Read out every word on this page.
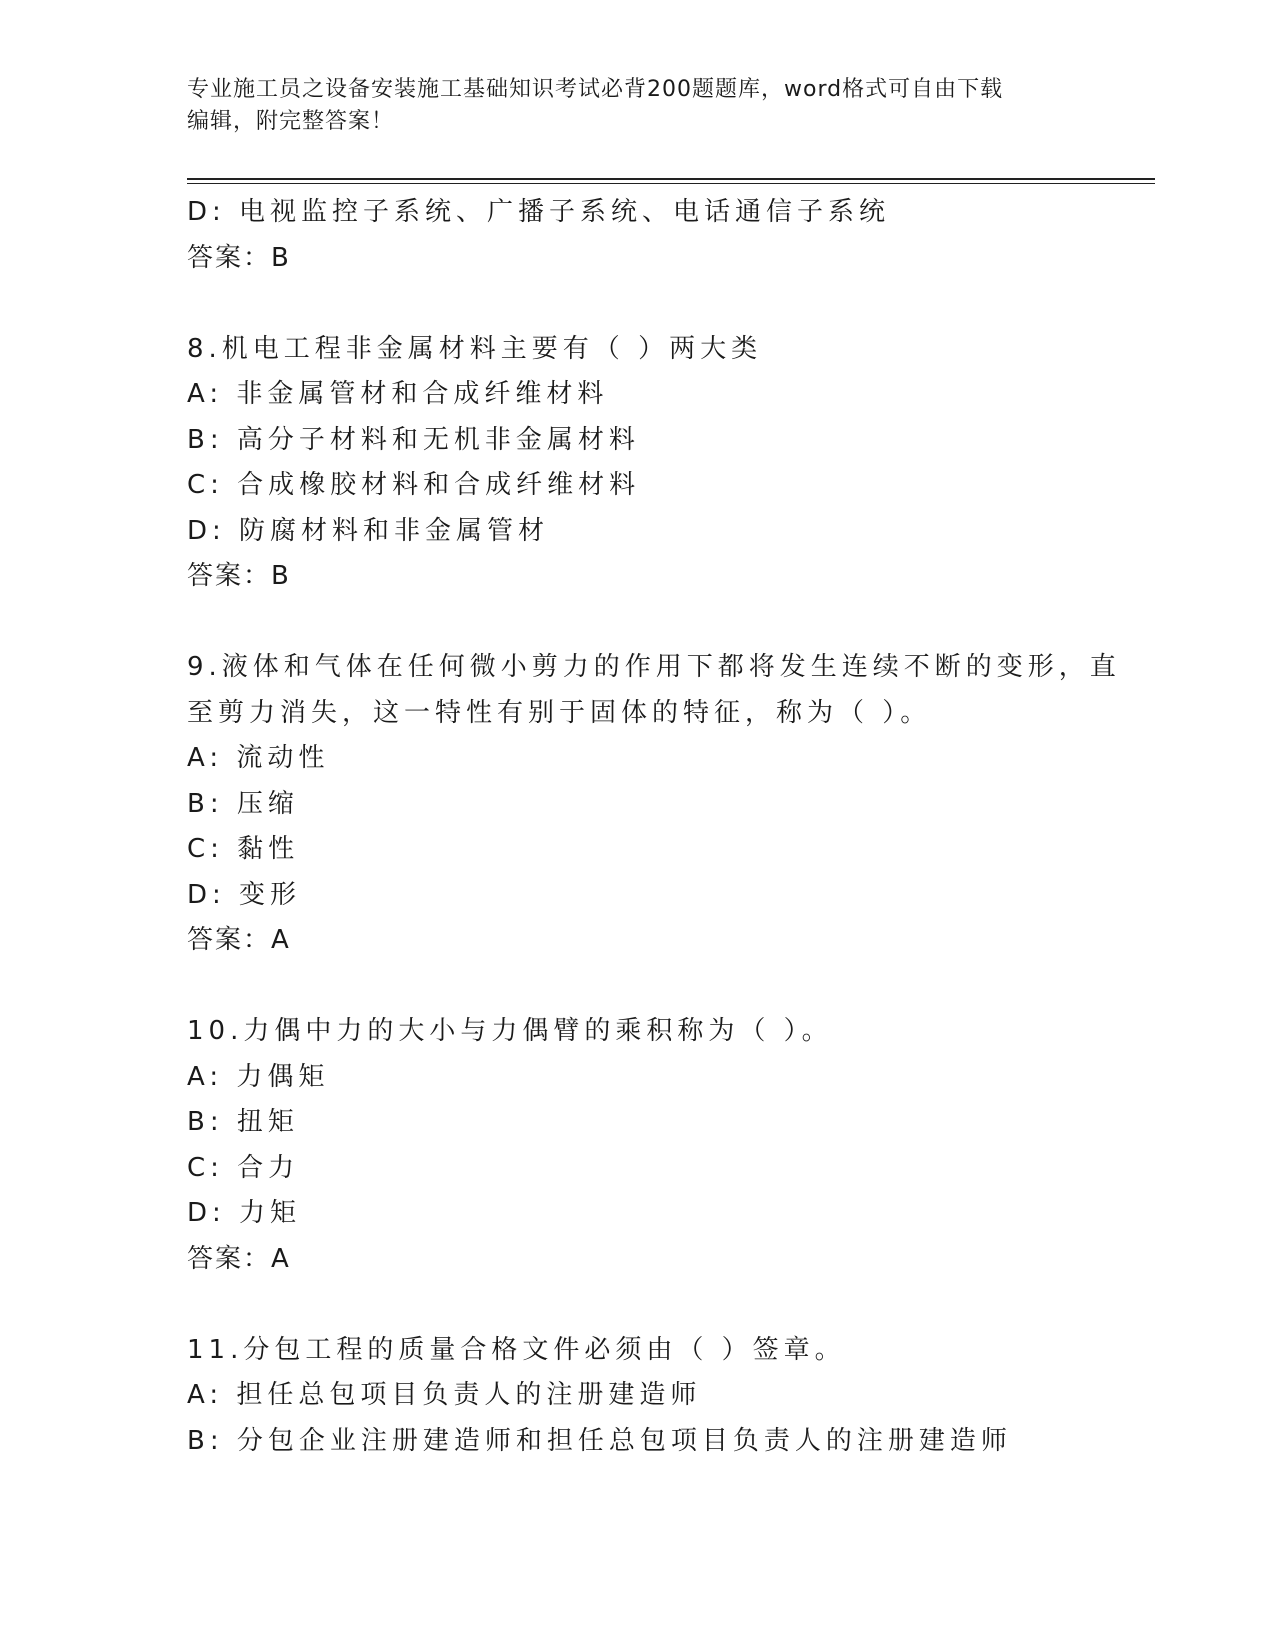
专业施工员之设备安装施工基础知识考试必背200题题库，word格式可自由下载
编辑，附完整答案！
D: 电视监控子系统、广播子系统、电话通信子系统
答案：B
8.机电工程非金属材料主要有（ ）两大类
A: 非金属管材和合成纤维材料
B: 高分子材料和无机非金属材料
C: 合成橡胶材料和合成纤维材料
D: 防腐材料和非金属管材
答案：B
9.液体和气体在任何微小剪力的作用下都将发生连续不断的变形，直
至剪力消失，这一特性有别于固体的特征，称为（ ）。
A: 流动性
B: 压缩
C: 黏性
D: 变形
答案：A
10.力偶中力的大小与力偶臂的乘积称为（ ）。
A: 力偶矩
B: 扭矩
C: 合力
D: 力矩
答案：A
11.分包工程的质量合格文件必须由（ ）签章。
A: 担任总包项目负责人的注册建造师
B: 分包企业注册建造师和担任总包项目负责人的注册建造师
